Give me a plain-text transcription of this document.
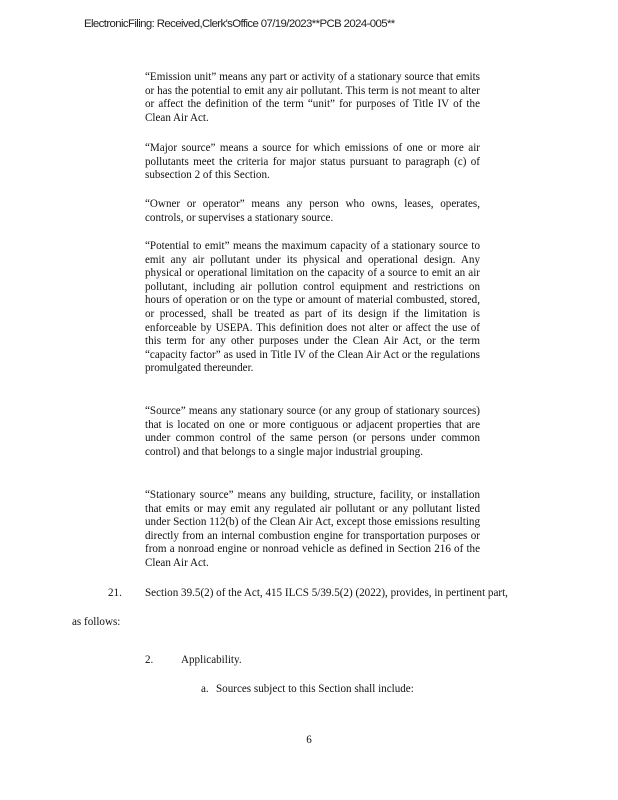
ElectronicFiling: Received,Clerk'sOffice 07/19/2023**PCB 2024-005**

“Emission unit” means any part or activity of a stationary source that emits or has the potential to emit any air pollutant. This term is not meant to alter or affect the definition of the term “unit” for purposes of Title IV of the Clean Air Act.

“Major source” means a source for which emissions of one or more air pollutants meet the criteria for major status pursuant to paragraph (c) of subsection 2 of this Section.

“Owner or operator” means any person who owns, leases, operates, controls, or supervises a stationary source.

“Potential to emit” means the maximum capacity of a stationary source to emit any air pollutant under its physical and operational design. Any physical or operational limitation on the capacity of a source to emit an air pollutant, including air pollution control equipment and restrictions on hours of operation or on the type or amount of material combusted, stored, or processed, shall be treated as part of its design if the limitation is enforceable by USEPA. This definition does not alter or affect the use of this term for any other purposes under the Clean Air Act, or the term “capacity factor” as used in Title IV of the Clean Air Act or the regulations promulgated thereunder.

“Source” means any stationary source (or any group of stationary sources) that is located on one or more contiguous or adjacent properties that are under common control of the same person (or persons under common control) and that belongs to a single major industrial grouping.

“Stationary source” means any building, structure, facility, or installation that emits or may emit any regulated air pollutant or any pollutant listed under Section 112(b) of the Clean Air Act, except those emissions resulting directly from an internal combustion engine for transportation purposes or from a nonroad engine or nonroad vehicle as defined in Section 216 of the Clean Air Act.

21. Section 39.5(2) of the Act, 415 ILCS 5/39.5(2) (2022), provides, in pertinent part,
as follows:
2. Applicability.
a. Sources subject to this Section shall include:
6
